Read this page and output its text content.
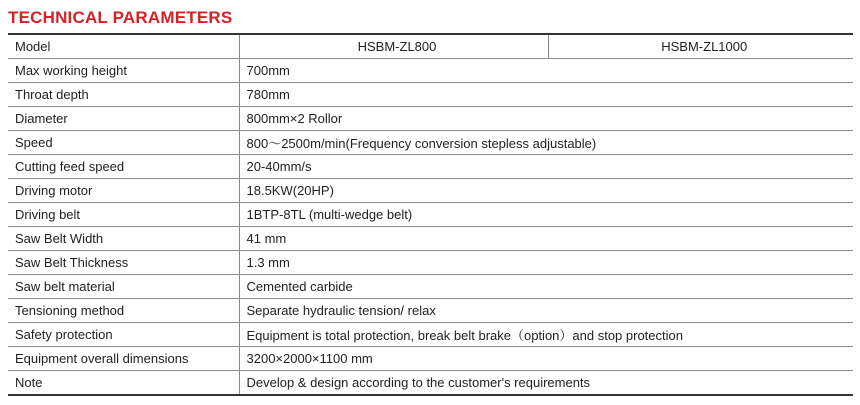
TECHNICAL PARAMETERS
Model	HSBM-ZL800	HSBM-ZL1000
Max working height	700mm	
Throat depth	780mm	
Diameter	800mm×2 Rollor	
Speed	800～2500m/min(Frequency conversion stepless adjustable)	
Cutting feed speed	20-40mm/s	
Driving motor	18.5KW(20HP)	
Driving belt	1BTP-8TL (multi-wedge belt)	
Saw Belt Width	41 mm	
Saw Belt Thickness	1.3 mm	
Saw belt material	Cemented carbide	
Tensioning method	Separate hydraulic tension/ relax	
Safety protection	Equipment is total protection, break belt brake（option）and stop protection	
Equipment overall dimensions	3200×2000×1100 mm	
Note	Develop & design according to the customer's requirements	
